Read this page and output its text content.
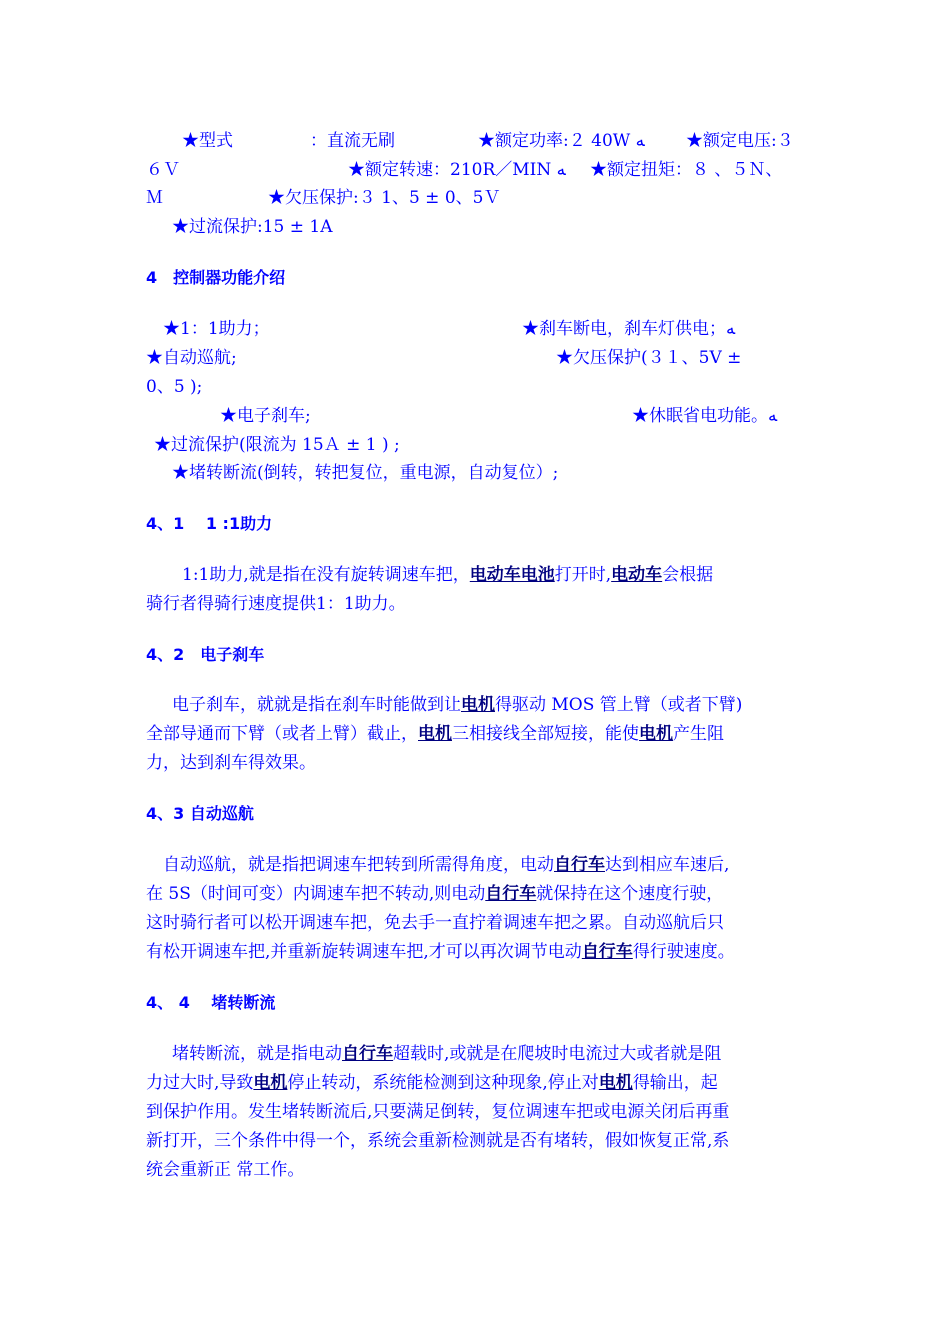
★型式	：直流无刷	★额定功率:２ 40W ﻪ ★额定电压:３
６Ｖ	★额定转速：210R／MIN ﻪ ★额定扭矩：８ 、５Ｎ、
Ｍ	★欠压保护:３ 1、5 ± 0、5Ｖ
★过流保护:15 ± 1A
4　控制器功能介绍
★1：1助力；	★刹车断电，刹车灯供电；ﻪ
★自动巡航;	★欠压保护(３１、5V ±
0、5 );
★电子刹车;	★休眠省电功能。ﻪ
★过流保护(限流为 15Ａ ± 1 ) ;
★堵转断流(倒转，转把复位，重电源，自动复位）;
4、1　 1 :1助力
1:1助力,就是指在没有旋转调速车把，电动车电池打开时,电动车会根据
骑行者得骑行速度提供1：1助力。
4、2　电子刹车
电子刹车，就就是指在刹车时能做到让电机得驱动 MOS 管上臂（或者下臂)
全部导通而下臂（或者上臂）截止，电机三相接线全部短接，能使电机产生阻
力，达到刹车得效果。
4、3 自动巡航
自动巡航，就是指把调速车把转到所需得角度，电动自行车达到相应车速后,
在 5S（时间可变）内调速车把不转动,则电动自行车就保持在这个速度行驶，
这时骑行者可以松开调速车把，免去手一直拧着调速车把之累。自动巡航后只
有松开调速车把,并重新旋转调速车把,才可以再次调节电动自行车得行驶速度。
4、 4　 堵转断流
堵转断流，就是指电动自行车超载时,或就是在爬坡时电流过大或者就是阻
力过大时,导致电机停止转动，系统能检测到这种现象,停止对电机得输出，起
到保护作用。发生堵转断流后,只要满足倒转，复位调速车把或电源关闭后再重
新打开，三个条件中得一个，系统会重新检测就是否有堵转，假如恢复正常,系
统会重新正 常工作。
